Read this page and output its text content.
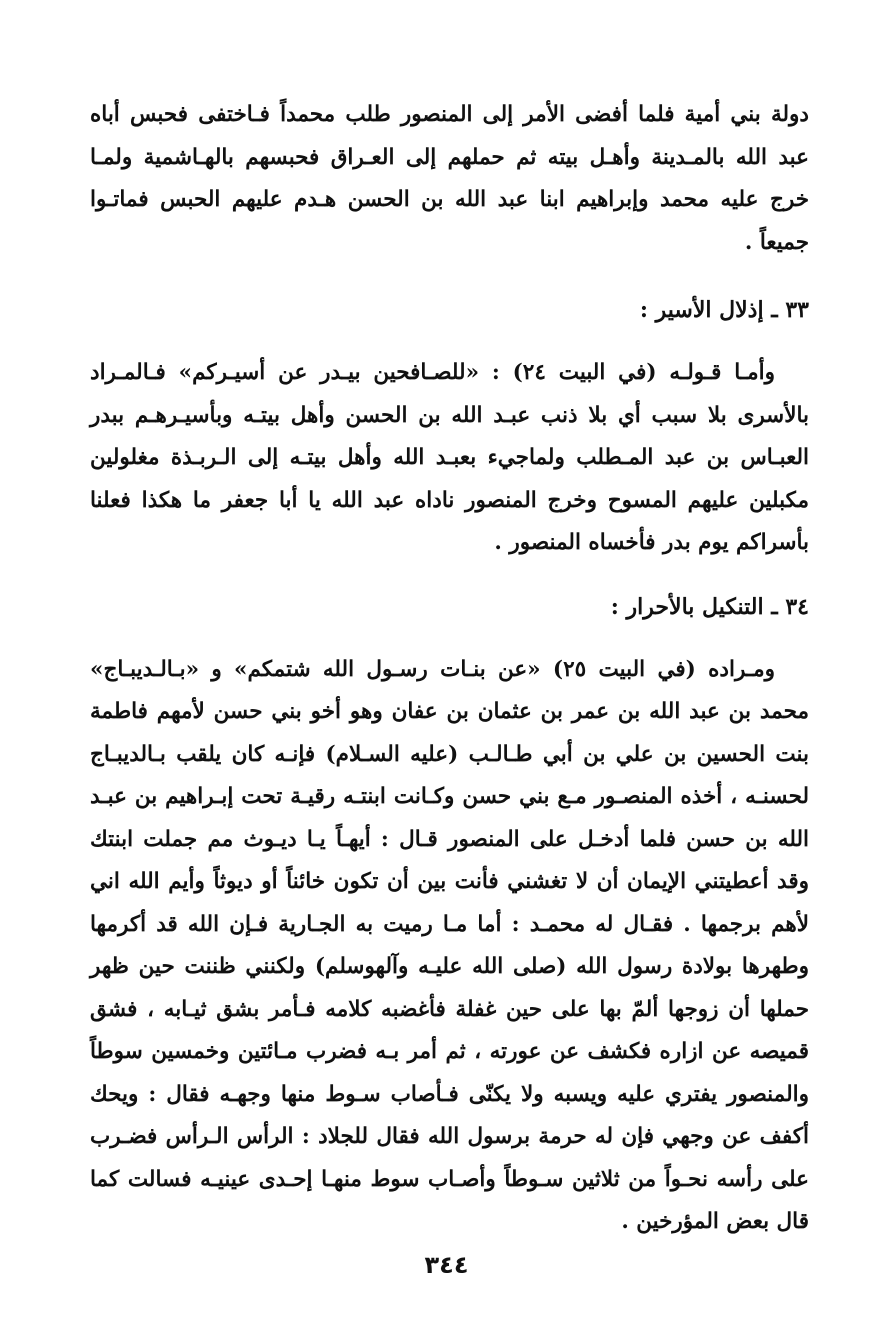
دولة بني أمية فلما أفضى الأمر إلى المنصور طلب محمداً فـاختفى فحبس أباه عبد الله بالمـدينة وأهـل بيته ثم حملهم إلى العـراق فحبسهم بالهـاشمية ولمـا خرج عليه محمد وإبراهيم ابنا عبد الله بن الحسن هـدم عليهم الحبس فماتـوا جميعاً .

٣٣ ـ إذلال الأسير :

وأمـا قـولـه (في البيت ٢٤) : «للصـافحين بيـدر عن أسيـركم» فـالمـراد بالأسرى بلا سبب أي بلا ذنب عبـد الله بن الحسن وأهل بيتـه وبأسيـرهـم ببدر العبـاس بن عبد المـطلب ولماجيء بعبـد الله وأهل بيتـه إلى الـربـذة مغلولين مكبلين عليهم المسوح وخرج المنصور ناداه عبد الله يا أبا جعفر ما هكذا فعلنا بأسراكم يوم بدر فأخساه المنصور .

٣٤ ـ التنكيل بالأحرار :

ومـراده (في البيت ٢٥) «عن بنـات رسـول الله شتمكم» و «بـالـديبـاج» محمد بن عبد الله بن عمر بن عثمان بن عفان وهو أخو بني حسن لأمهم فاطمة بنت الحسين بن علي بن أبي طـالـب (عليه السـلام) فإنـه كان يلقب بـالديبـاج لحسنـه ، أخذه المنصـور مـع بني حسن وكـانت ابنتـه رقيـة تحت إبـراهيم بن عبـد الله بن حسن فلما أدخـل على المنصور قـال : أيهـاً يـا ديـوث مم جملت ابنتك وقد أعطيتني الإيمان أن لا تغشني فأنت بين أن تكون خائناً أو ديوثاً وأيم الله اني لأهم برجمها . فقـال له محمـد : أما مـا رميت به الجـارية فـإن الله قد أكرمها وطهرها بولادة رسول الله (صلى الله عليـه وآلهوسلم) ولكنني ظننت حين ظهر حملها أن زوجها ألمّ بها على حين غفلة فأغضبه كلامه فـأمر بشق ثيـابه ، فشق قميصه عن ازاره فكشف عن عورته ، ثم أمر بـه فضرب مـائتين وخمسين سوطاً والمنصور يفتري عليه ويسبه ولا يكنّى فـأصاب سـوط منها وجهـه فقال : ويحك أكفف عن وجهي فإن له حرمة برسول الله فقال للجلاد : الرأس الـرأس فضـرب على رأسه نحـواً من ثلاثين سـوطاً وأصـاب سوط منهـا إحـدى عينيـه فسالت كما قال بعض المؤرخين .

٣٤٤
